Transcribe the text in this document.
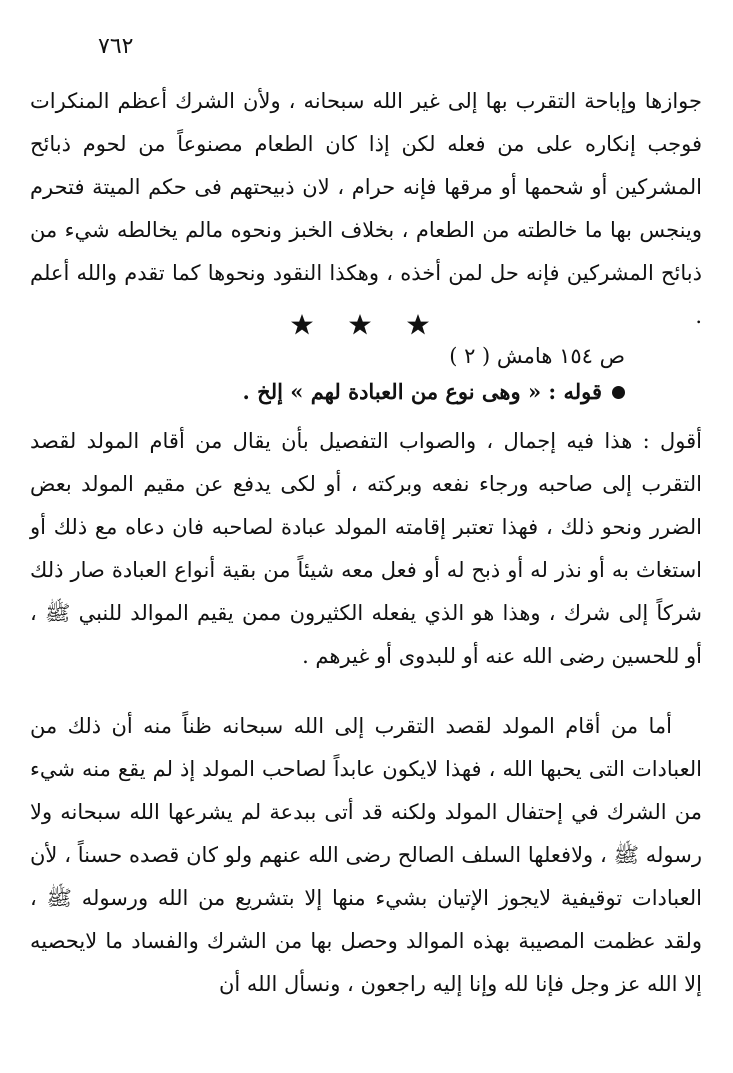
٧٦٢

جوازها وإباحة التقرب بها إلى غير الله سبحانه ، ولأن الشرك أعظم المنكرات فوجب إنكاره على من فعله لكن إذا كان الطعام مصنوعاً من لحوم ذبائح المشركين أو شحمها أو مرقها فإنه حرام ، لان ذبيحتهم فى حكم الميتة فتحرم وينجس بها ما خالطته من الطعام ، بخلاف الخبز ونحوه مالم يخالطه شيء من ذبائح المشركين فإنه حل لمن أخذه ، وهكذا النقود ونحوها كما تقدم والله أعلم .

ص ١٥٤ هامش ( ٢ )
قوله : « وهى نوع من العبادة لهم » إلخ .

أقول : هذا فيه إجمال ، والصواب التفصيل بأن يقال من أقام المولد لقصد التقرب إلى صاحبه ورجاء نفعه وبركته ، أو لكى يدفع عن مقيم المولد بعض الضرر ونحو ذلك ، فهذا تعتبر إقامته المولد عبادة لصاحبه فان دعاه مع ذلك أو استغاث به أو نذر له أو ذبح له أو فعل معه شيئاً من بقية أنواع العبادة صار ذلك شركاً إلى شرك ، وهذا هو الذي يفعله الكثيرون ممن يقيم الموالد للنبي ﷺ ، أو للحسين رضى الله عنه أو للبدوى أو غيرهم .

أما من أقام المولد لقصد التقرب إلى الله سبحانه ظناً منه أن ذلك من العبادات التى يحبها الله ، فهذا لايكون عابداً لصاحب المولد إذ لم يقع منه شيء من الشرك في إحتفال المولد ولكنه قد أتى ببدعة لم يشرعها الله سبحانه ولا رسوله ﷺ ، ولافعلها السلف الصالح رضى الله عنهم ولو كان قصده حسناً ، لأن العبادات توقيفية لايجوز الإتيان بشيء منها إلا بتشريع من الله ورسوله ﷺ ، ولقد عظمت المصيبة بهذه الموالد وحصل بها من الشرك والفساد ما لايحصيه إلا الله عز وجل فإنا لله وإنا إليه راجعون ، ونسأل الله أن
